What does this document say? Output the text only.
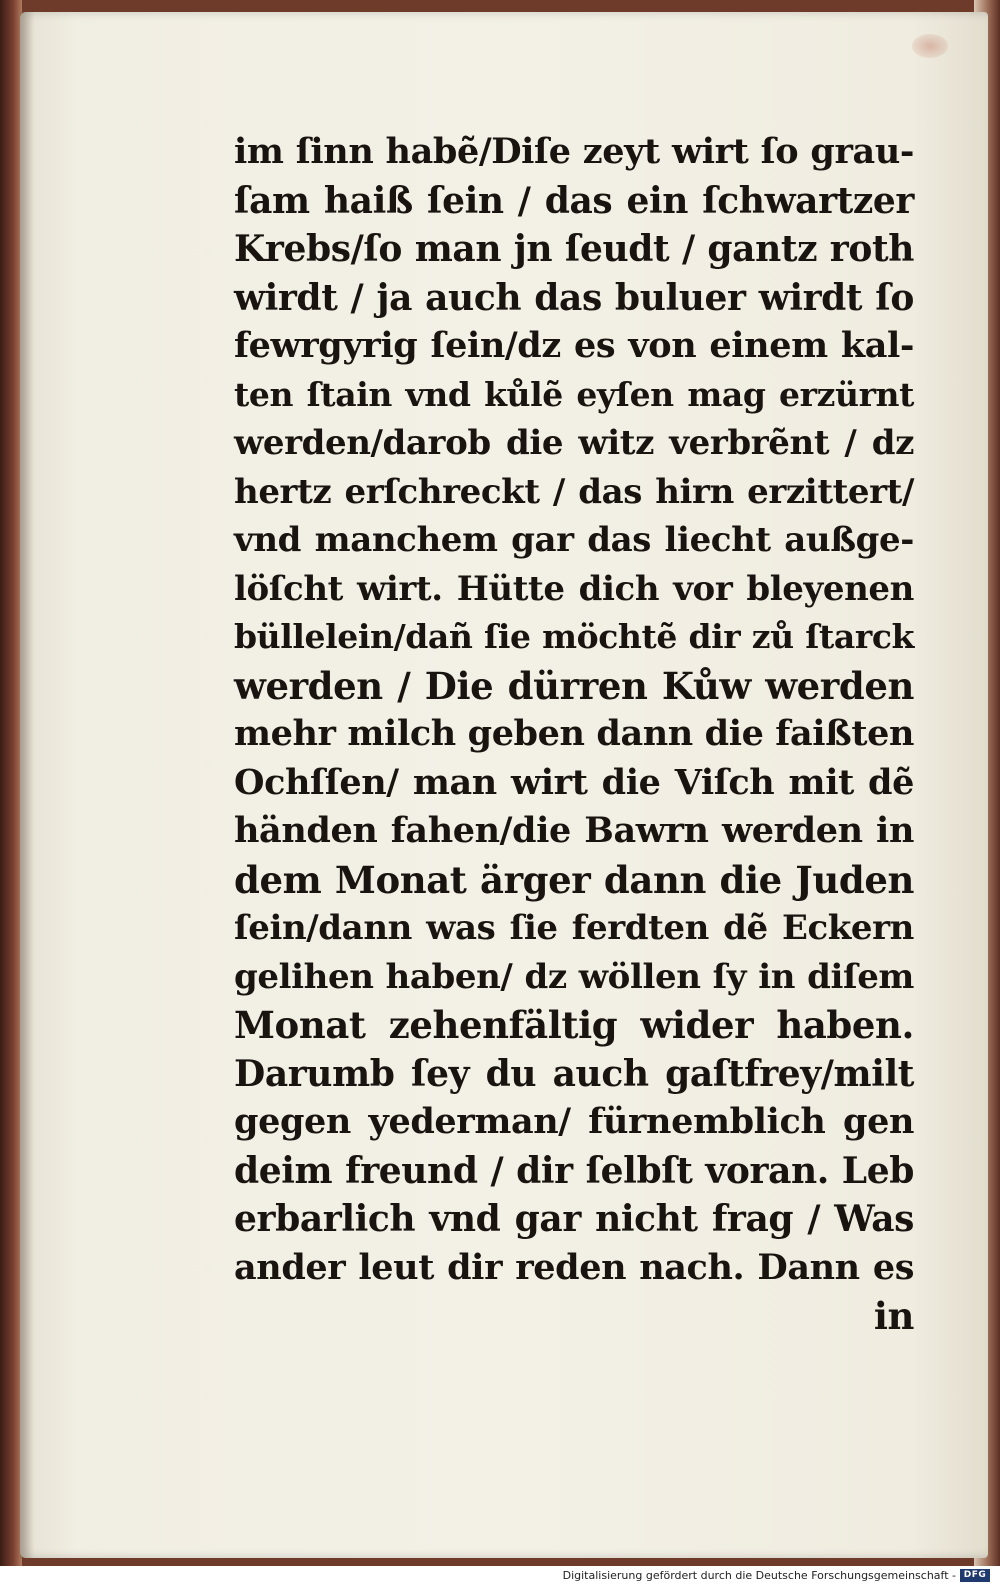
im ſinn habẽ/Diſe zeyt wirt ſo grau-
ſam haiß ſein / das ein ſchwartzer
Krebs/ſo man jn ſeudt / gantz roth
wirdt / ja auch das buluer wirdt ſo
fewrgyrig ſein/dz es von einem kal-
ten ſtain vnd kůlẽ eyſen mag erzürnt
werden/darob die witz verbrẽnt / dz
hertz erſchreckt / das hirn erzittert/
vnd manchem gar das liecht außge-
löſcht wirt. Hütte dich vor bleyenen
büllelein/dañ ſie möchtẽ dir zů ſtarck
werden / Die dürren Kůw werden
mehr milch geben dann die faißten
Ochſſen/ man wirt die Viſch mit dẽ
händen fahen/die Bawrn werden in
dem Monat ärger dann die Juden
ſein/dann was ſie ferdten dẽ Eckern
gelihen haben/ dz wöllen ſy in diſem
Monat zehenfältig wider haben.
Darumb ſey du auch gaſtfrey/milt
gegen yederman/ fürnemblich gen
deim freund / dir ſelbſt voran. Leb
erbarlich vnd gar nicht frag / Was
ander leut dir reden nach. Dann es
in
Digitalisierung gefördert durch die Deutsche Forschungsgemeinschaft - DFG
